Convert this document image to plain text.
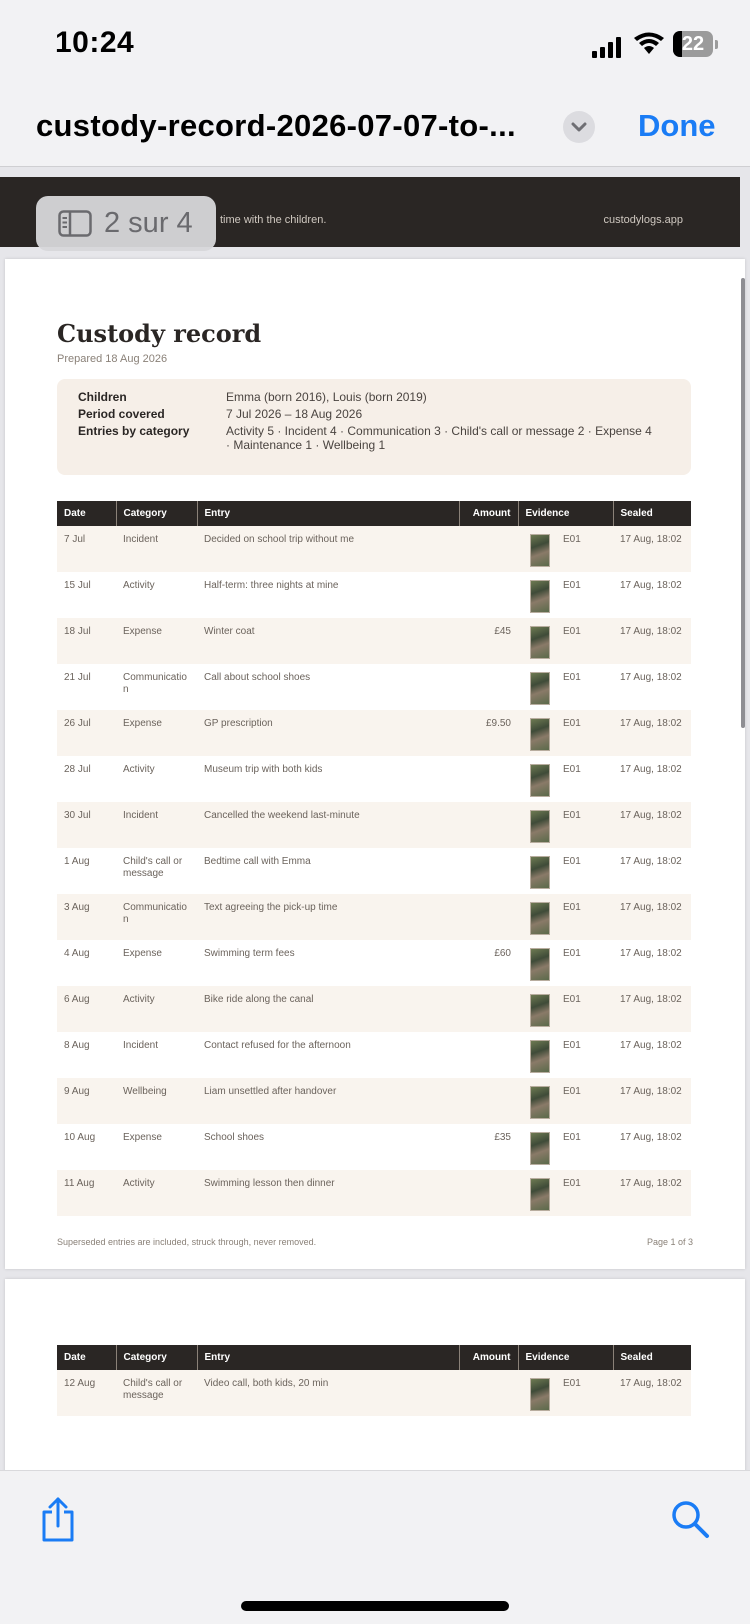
10:24	22
custody-record-2026-07-07-to-...	Done
2 sur 4 time with the children.	custodylogs.app
Custody record
Prepared 18 Aug 2026
Children	Emma (born 2016), Louis (born 2019)
Period covered	7 Jul 2026 – 18 Aug 2026
Entries by category	Activity 5 · Incident 4 · Communication 3 · Child's call or message 2 · Expense 4 · Maintenance 1 · Wellbeing 1
Date	Category	Entry	Amount	Evidence	Sealed
7 Jul	Incident	Decided on school trip without me		E01	17 Aug, 18:02
15 Jul	Activity	Half-term: three nights at mine		E01	17 Aug, 18:02
18 Jul	Expense	Winter coat	£45	E01	17 Aug, 18:02
21 Jul	Communicatio
n	Call about school shoes		E01	17 Aug, 18:02
26 Jul	Expense	GP prescription	£9.50	E01	17 Aug, 18:02
28 Jul	Activity	Museum trip with both kids		E01	17 Aug, 18:02
30 Jul	Incident	Cancelled the weekend last-minute		E01	17 Aug, 18:02
1 Aug	Child's call or message	Bedtime call with Emma		E01	17 Aug, 18:02
3 Aug	Communicatio
n	Text agreeing the pick-up time		E01	17 Aug, 18:02
4 Aug	Expense	Swimming term fees	£60	E01	17 Aug, 18:02
6 Aug	Activity	Bike ride along the canal		E01	17 Aug, 18:02
8 Aug	Incident	Contact refused for the afternoon		E01	17 Aug, 18:02
9 Aug	Wellbeing	Liam unsettled after handover		E01	17 Aug, 18:02
10 Aug	Expense	School shoes	£35	E01	17 Aug, 18:02
11 Aug	Activity	Swimming lesson then dinner		E01	17 Aug, 18:02
Superseded entries are included, struck through, never removed.	Page 1 of 3
Date	Category	Entry	Amount	Evidence	Sealed
12 Aug	Child's call or message	Video call, both kids, 20 min		E01	17 Aug, 18:02
